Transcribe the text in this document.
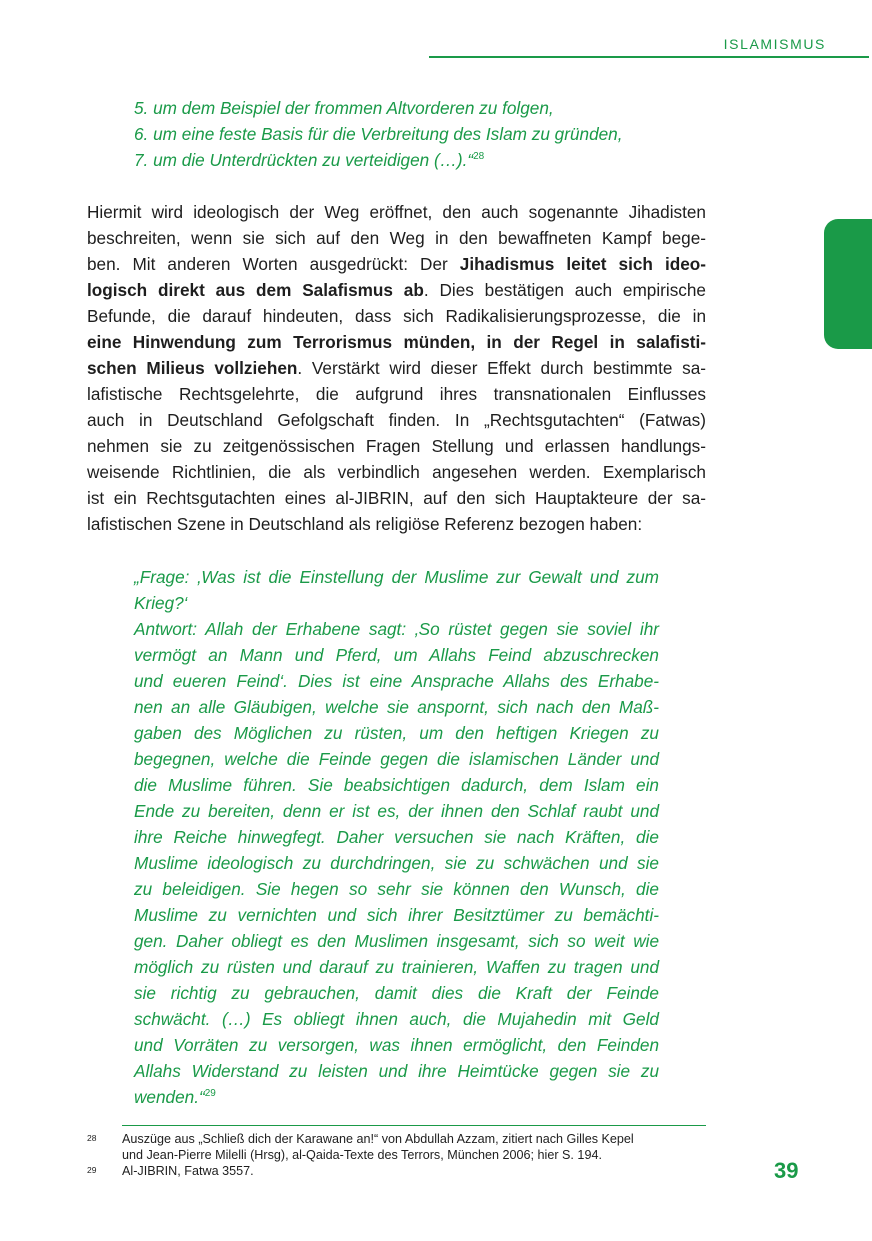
ISLAMISMUS
5. um dem Beispiel der frommen Altvorderen zu folgen,
6. um eine feste Basis für die Verbreitung des Islam zu gründen,
7. um die Unterdrückten zu verteidigen (…).“$^{28}$
Hiermit wird ideologisch der Weg eröffnet, den auch sogenannte Jihadisten
beschreiten, wenn sie sich auf den Weg in den bewaffneten Kampf bege-
ben. Mit anderen Worten ausgedrückt: Der Jihadismus leitet sich ideo-
logisch direkt aus dem Salafismus ab. Dies bestätigen auch empirische
Befunde, die darauf hindeuten, dass sich Radikalisierungsprozesse, die in
eine Hinwendung zum Terrorismus münden, in der Regel in salafisti-
schen Milieus vollziehen. Verstärkt wird dieser Effekt durch bestimmte sa-
lafistische Rechtsgelehrte, die aufgrund ihres transnationalen Einflusses
auch in Deutschland Gefolgschaft finden. In „Rechtsgutachten“ (Fatwas)
nehmen sie zu zeitgenössischen Fragen Stellung und erlassen handlungs-
weisende Richtlinien, die als verbindlich angesehen werden. Exemplarisch
ist ein Rechtsgutachten eines al-JIBRIN, auf den sich Hauptakteure der sa-
lafistischen Szene in Deutschland als religiöse Referenz bezogen haben:
„Frage: ‚Was ist die Einstellung der Muslime zur Gewalt und zum
Krieg?‘
Antwort: Allah der Erhabene sagt: ‚So rüstet gegen sie soviel ihr
vermögt an Mann und Pferd, um Allahs Feind abzuschrecken
und eueren Feind‘. Dies ist eine Ansprache Allahs des Erhabe-
nen an alle Gläubigen, welche sie anspornt, sich nach den Maß-
gaben des Möglichen zu rüsten, um den heftigen Kriegen zu
begegnen, welche die Feinde gegen die islamischen Länder und
die Muslime führen. Sie beabsichtigen dadurch, dem Islam ein
Ende zu bereiten, denn er ist es, der ihnen den Schlaf raubt und
ihre Reiche hinwegfegt. Daher versuchen sie nach Kräften, die
Muslime ideologisch zu durchdringen, sie zu schwächen und sie
zu beleidigen. Sie hegen so sehr sie können den Wunsch, die
Muslime zu vernichten und sich ihrer Besitztümer zu bemächti-
gen. Daher obliegt es den Muslimen insgesamt, sich so weit wie
möglich zu rüsten und darauf zu trainieren, Waffen zu tragen und
sie richtig zu gebrauchen, damit dies die Kraft der Feinde
schwächt. (…) Es obliegt ihnen auch, die Mujahedin mit Geld
und Vorräten zu versorgen, was ihnen ermöglicht, den Feinden
Allahs Widerstand zu leisten und ihre Heimtücke gegen sie zu
wenden.“$^{29}$
28 Auszüge aus „Schließ dich der Karawane an!“ von Abdullah Azzam, zitiert nach Gilles Kepel
und Jean-Pierre Milelli (Hrsg), al-Qaida-Texte des Terrors, München 2006; hier S. 194.
29 Al-JIBRIN, Fatwa 3557.	39
